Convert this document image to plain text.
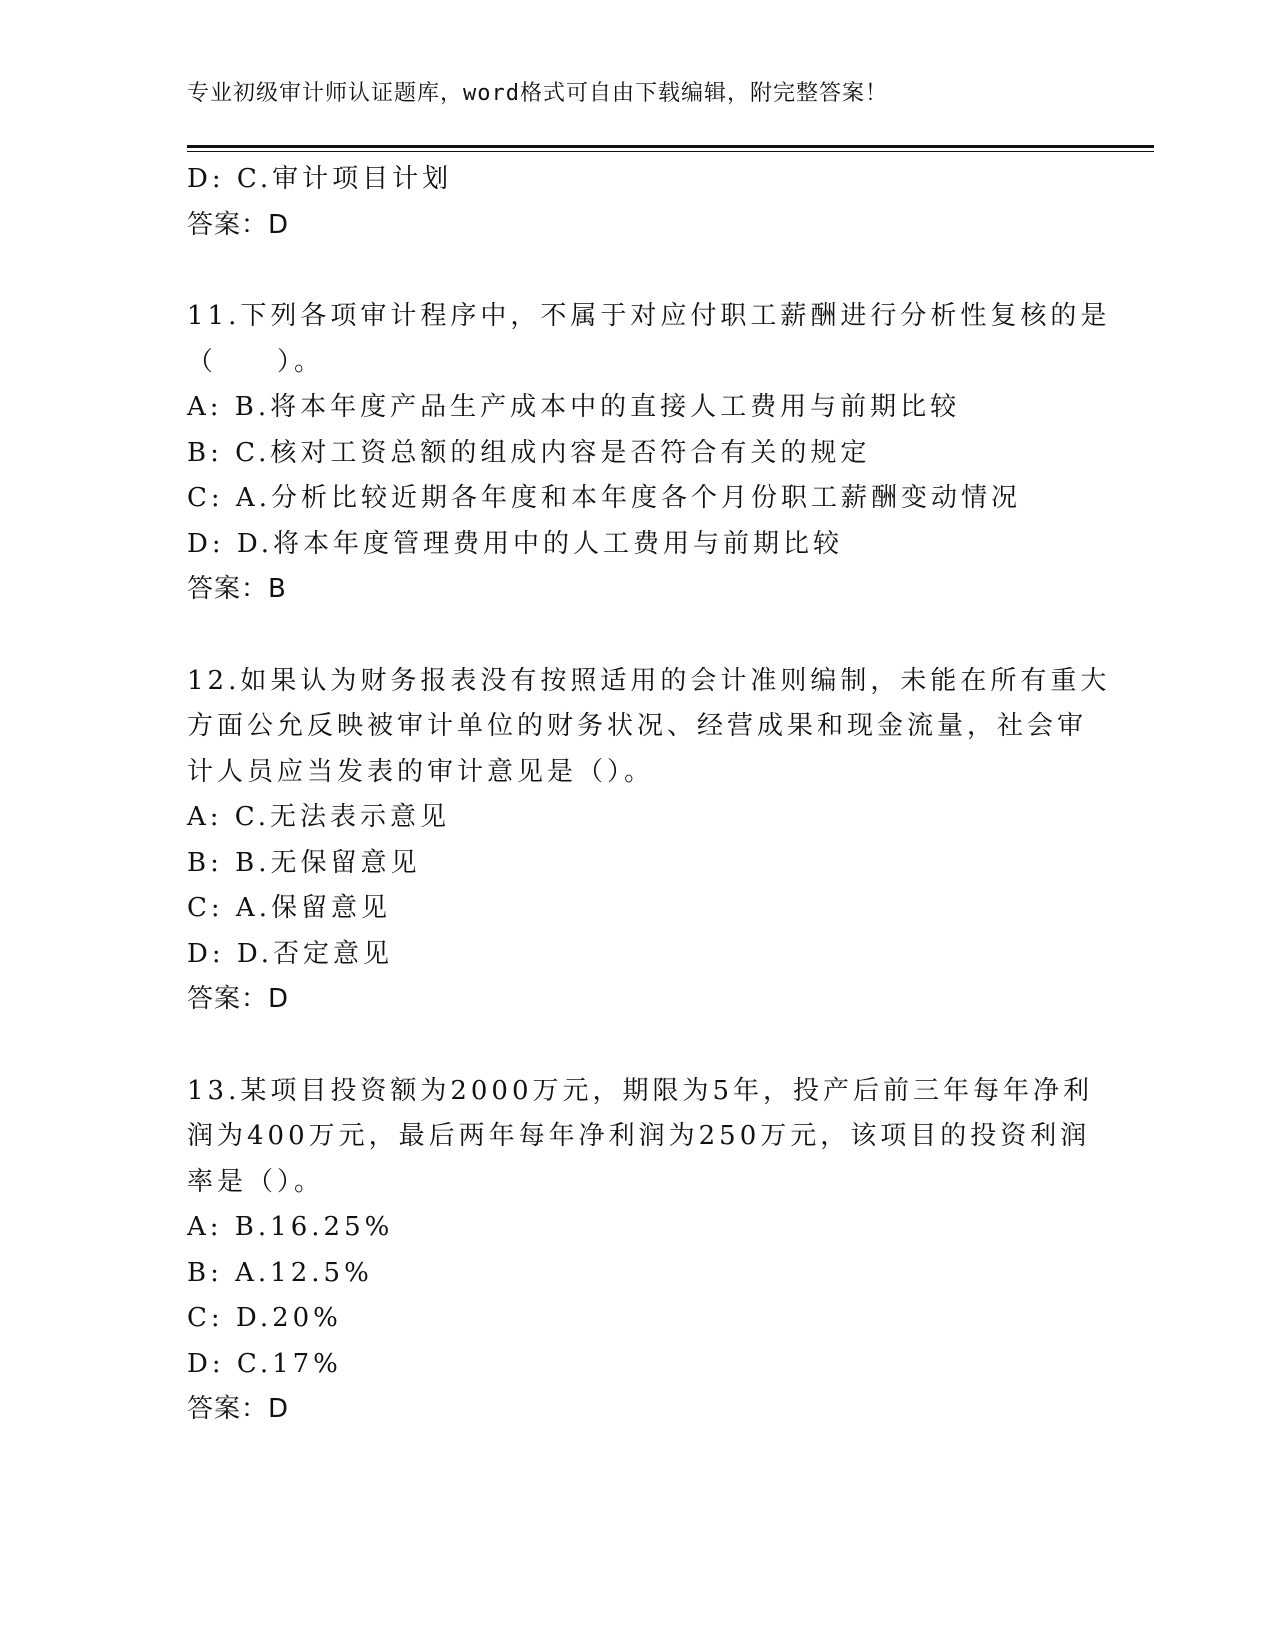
专业初级审计师认证题库，word格式可自由下载编辑，附完整答案！
D: C.审计项目计划
答案：D
11.下列各项审计程序中，不属于对应付职工薪酬进行分析性复核的是
（　　）。
A: B.将本年度产品生产成本中的直接人工费用与前期比较
B: C.核对工资总额的组成内容是否符合有关的规定
C: A.分析比较近期各年度和本年度各个月份职工薪酬变动情况
D: D.将本年度管理费用中的人工费用与前期比较
答案：B
12.如果认为财务报表没有按照适用的会计准则编制，未能在所有重大
方面公允反映被审计单位的财务状况、经营成果和现金流量，社会审
计人员应当发表的审计意见是（）。
A: C.无法表示意见
B: B.无保留意见
C: A.保留意见
D: D.否定意见
答案：D
13.某项目投资额为2000万元，期限为5年，投产后前三年每年净利
润为400万元，最后两年每年净利润为250万元，该项目的投资利润
率是（）。
A: B.16.25%
B: A.12.5%
C: D.20%
D: C.17%
答案：D
